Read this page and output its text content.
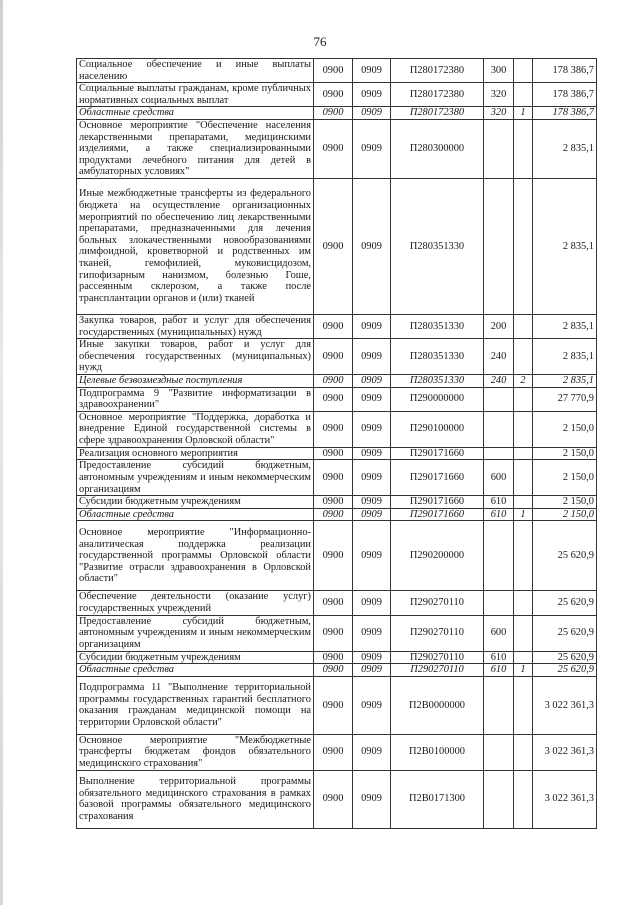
76
Социальное обеспечение и иные выплаты населению	0900	0909	П280172380	300		178 386,7
Социальные выплаты гражданам, кроме публичных нормативных социальных выплат	0900	0909	П280172380	320		178 386,7
Областные средства	0900	0909	П280172380	320	1	178 386,7
Основное мероприятие "Обеспечение населения лекарственными препаратами, медицинскими изделиями, а также специализированными продуктами лечебного питания для детей в амбулаторных условиях"	0900	0909	П280300000			2 835,1
Иные межбюджетные трансферты из федерального бюджета на осуществление организационных мероприятий по обеспечению лиц лекарственными препаратами, предназначенными для лечения больных злокачественными новообразованиями лимфоидной, кроветворной и родственных им тканей, гемофилией, муковисцидозом, гипофизарным нанизмом, болезнью Гоше, рассеянным склерозом, а также после трансплантации органов и (или) тканей	0900	0909	П280351330			2 835,1
Закупка товаров, работ и услуг для обеспечения государственных (муниципальных) нужд	0900	0909	П280351330	200		2 835,1
Иные закупки товаров, работ и услуг для обеспечения государственных (муниципальных) нужд	0900	0909	П280351330	240		2 835,1
Целевые безвозмездные поступления	0900	0909	П280351330	240	2	2 835,1
Подпрограмма 9 "Развитие информатизации в здравоохранении"	0900	0909	П290000000			27 770,9
Основное мероприятие "Поддержка, доработка и внедрение Единой государственной системы в сфере здравоохранения Орловской области"	0900	0909	П290100000			2 150,0
Реализация основного мероприятия	0900	0909	П290171660			2 150,0
Предоставление субсидий бюджетным, автономным учреждениям и иным некоммерческим организациям	0900	0909	П290171660	600		2 150,0
Субсидии бюджетным учреждениям	0900	0909	П290171660	610		2 150,0
Областные средства	0900	0909	П290171660	610	1	2 150,0
Основное мероприятие "Информационно-аналитическая поддержка реализации государственной программы Орловской области "Развитие отрасли здравоохранения в Орловской области"	0900	0909	П290200000			25 620,9
Обеспечение деятельности (оказание услуг) государственных учреждений	0900	0909	П290270110			25 620,9
Предоставление субсидий бюджетным, автономным учреждениям и иным некоммерческим организациям	0900	0909	П290270110	600		25 620,9
Субсидии бюджетным учреждениям	0900	0909	П290270110	610		25 620,9
Областные средства	0900	0909	П290270110	610	1	25 620,9
Подпрограмма 11 "Выполнение территориальной программы государственных гарантий бесплатного оказания гражданам медицинской помощи на территории Орловской области"	0900	0909	П2В0000000			3 022 361,3
Основное мероприятие "Межбюджетные трансферты бюджетам фондов обязательного медицинского страхования"	0900	0909	П2В0100000			3 022 361,3
Выполнение территориальной программы обязательного медицинского страхования в рамках базовой программы обязательного медицинского страхования	0900	0909	П2В0171300			3 022 361,3
